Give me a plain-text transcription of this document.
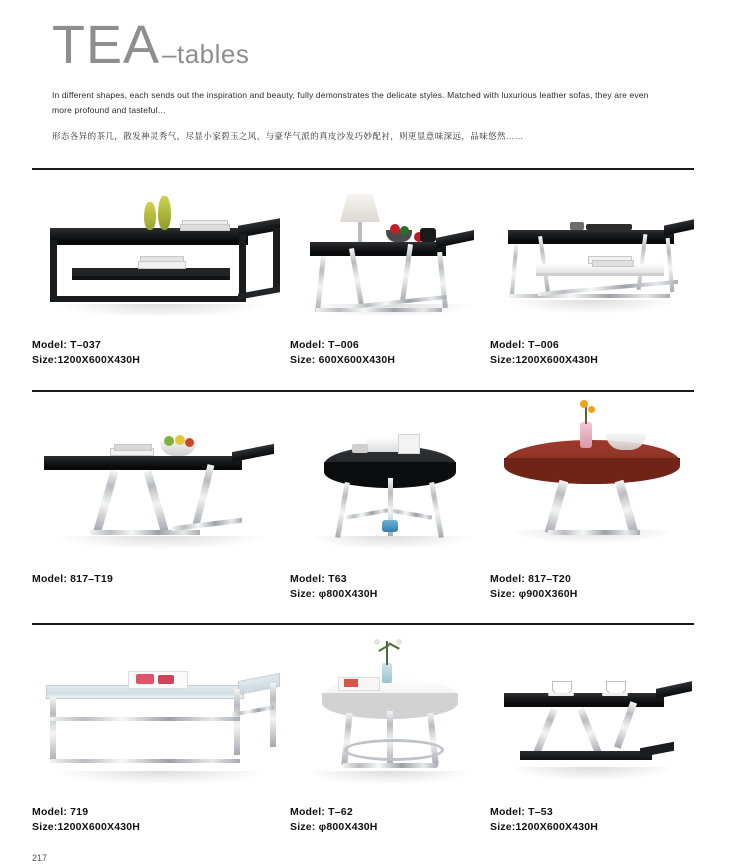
TEA –tables
In different shapes, each sends out the inspiration and beauty, fully demonstrates the delicate styles. Matched with luxurious leather sofas, they are even more profound and tasteful…
形态各异的茶几，散发神灵秀气，尽显小家碧玉之风，与豪华气派的真皮沙发巧妙配衬，则更显意味深远，品味悠然……
Model: T–037
Size:1200X600X430H
Model: T–006
Size: 600X600X430H
Model: T–006
Size:1200X600X430H
Model: 817–T19	Model: T63
Size: φ800X430H
Model: 817–T20
Size: φ900X360H
Model: 719
Size:1200X600X430H
Model: T–62
Size: φ800X430H
Model: T–53
Size:1200X600X430H
217
